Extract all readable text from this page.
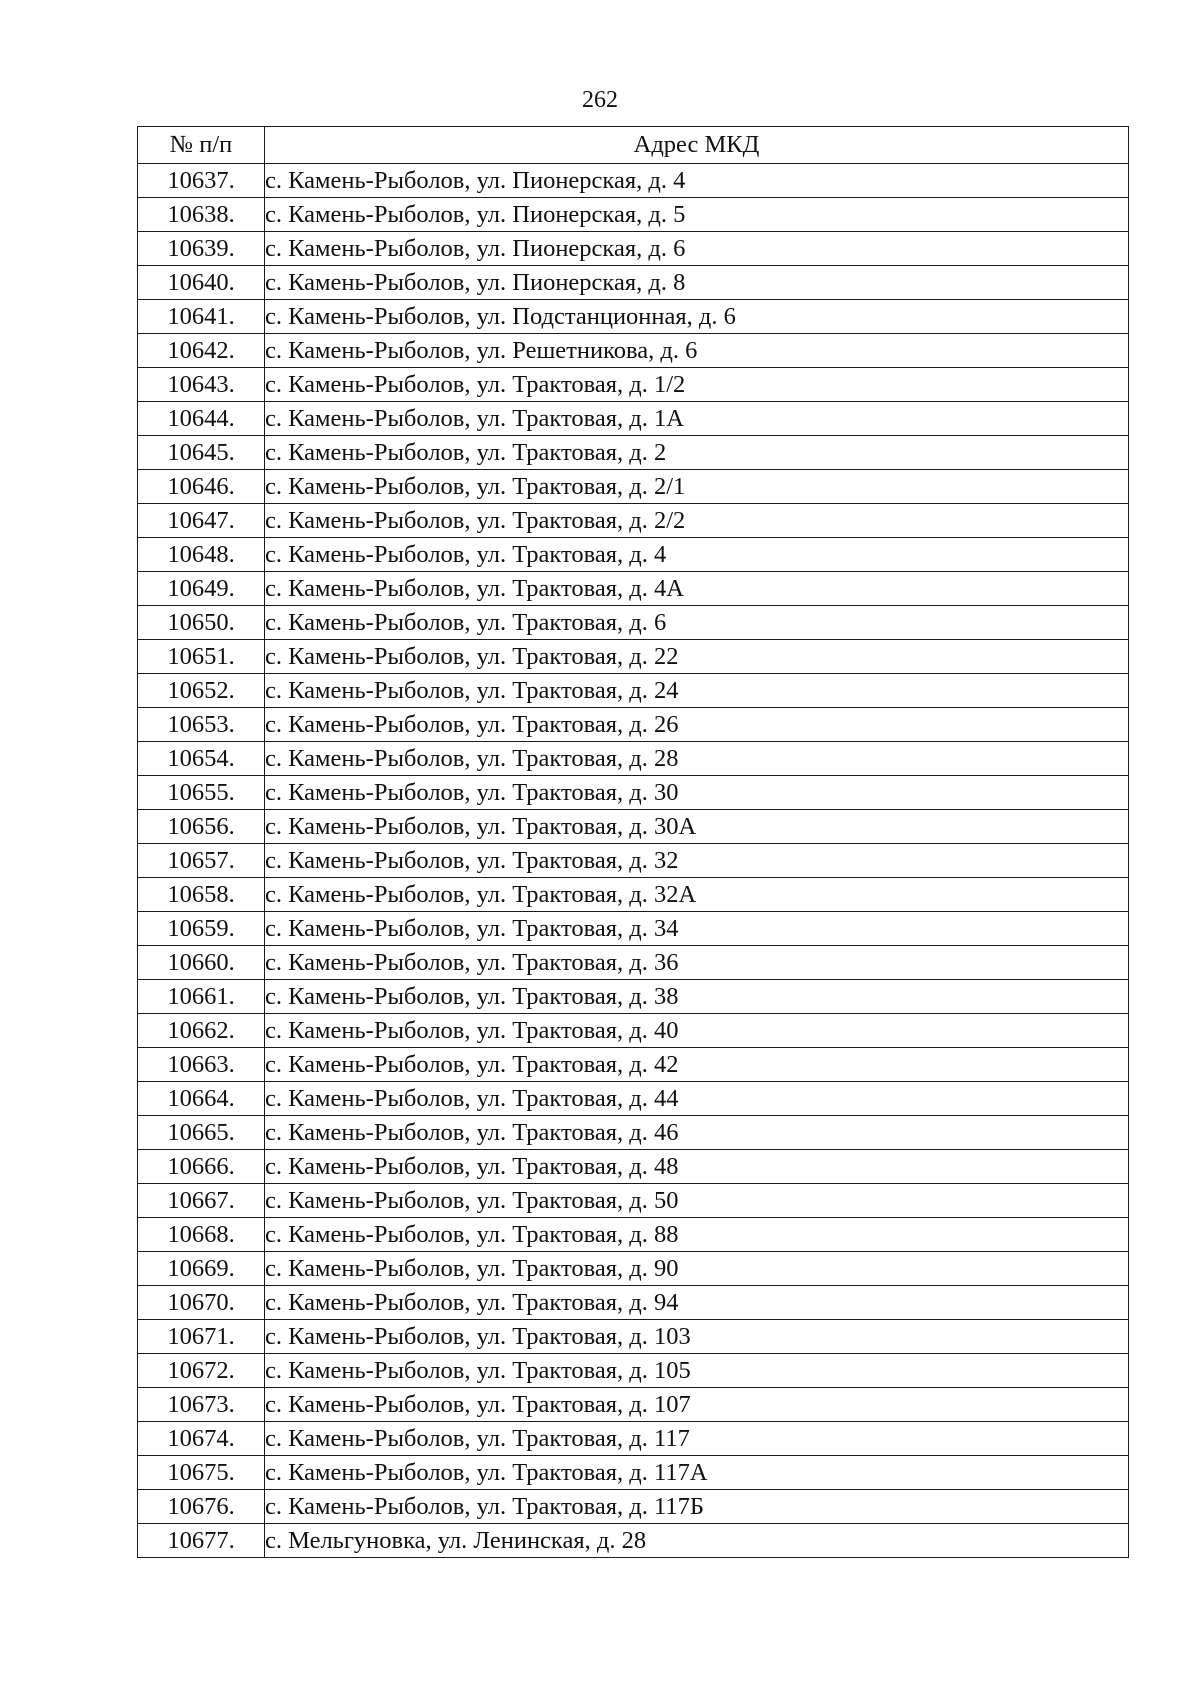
262
№ п/п	Адрес МКД
10637.	с. Камень-Рыболов, ул. Пионерская, д. 4
10638.	с. Камень-Рыболов, ул. Пионерская, д. 5
10639.	с. Камень-Рыболов, ул. Пионерская, д. 6
10640.	с. Камень-Рыболов, ул. Пионерская, д. 8
10641.	с. Камень-Рыболов, ул. Подстанционная, д. 6
10642.	с. Камень-Рыболов, ул. Решетникова, д. 6
10643.	с. Камень-Рыболов, ул. Трактовая, д. 1/2
10644.	с. Камень-Рыболов, ул. Трактовая, д. 1А
10645.	с. Камень-Рыболов, ул. Трактовая, д. 2
10646.	с. Камень-Рыболов, ул. Трактовая, д. 2/1
10647.	с. Камень-Рыболов, ул. Трактовая, д. 2/2
10648.	с. Камень-Рыболов, ул. Трактовая, д. 4
10649.	с. Камень-Рыболов, ул. Трактовая, д. 4А
10650.	с. Камень-Рыболов, ул. Трактовая, д. 6
10651.	с. Камень-Рыболов, ул. Трактовая, д. 22
10652.	с. Камень-Рыболов, ул. Трактовая, д. 24
10653.	с. Камень-Рыболов, ул. Трактовая, д. 26
10654.	с. Камень-Рыболов, ул. Трактовая, д. 28
10655.	с. Камень-Рыболов, ул. Трактовая, д. 30
10656.	с. Камень-Рыболов, ул. Трактовая, д. 30А
10657.	с. Камень-Рыболов, ул. Трактовая, д. 32
10658.	с. Камень-Рыболов, ул. Трактовая, д. 32А
10659.	с. Камень-Рыболов, ул. Трактовая, д. 34
10660.	с. Камень-Рыболов, ул. Трактовая, д. 36
10661.	с. Камень-Рыболов, ул. Трактовая, д. 38
10662.	с. Камень-Рыболов, ул. Трактовая, д. 40
10663.	с. Камень-Рыболов, ул. Трактовая, д. 42
10664.	с. Камень-Рыболов, ул. Трактовая, д. 44
10665.	с. Камень-Рыболов, ул. Трактовая, д. 46
10666.	с. Камень-Рыболов, ул. Трактовая, д. 48
10667.	с. Камень-Рыболов, ул. Трактовая, д. 50
10668.	с. Камень-Рыболов, ул. Трактовая, д. 88
10669.	с. Камень-Рыболов, ул. Трактовая, д. 90
10670.	с. Камень-Рыболов, ул. Трактовая, д. 94
10671.	с. Камень-Рыболов, ул. Трактовая, д. 103
10672.	с. Камень-Рыболов, ул. Трактовая, д. 105
10673.	с. Камень-Рыболов, ул. Трактовая, д. 107
10674.	с. Камень-Рыболов, ул. Трактовая, д. 117
10675.	с. Камень-Рыболов, ул. Трактовая, д. 117А
10676.	с. Камень-Рыболов, ул. Трактовая, д. 117Б
10677.	с. Мельгуновка, ул. Ленинская, д. 28
